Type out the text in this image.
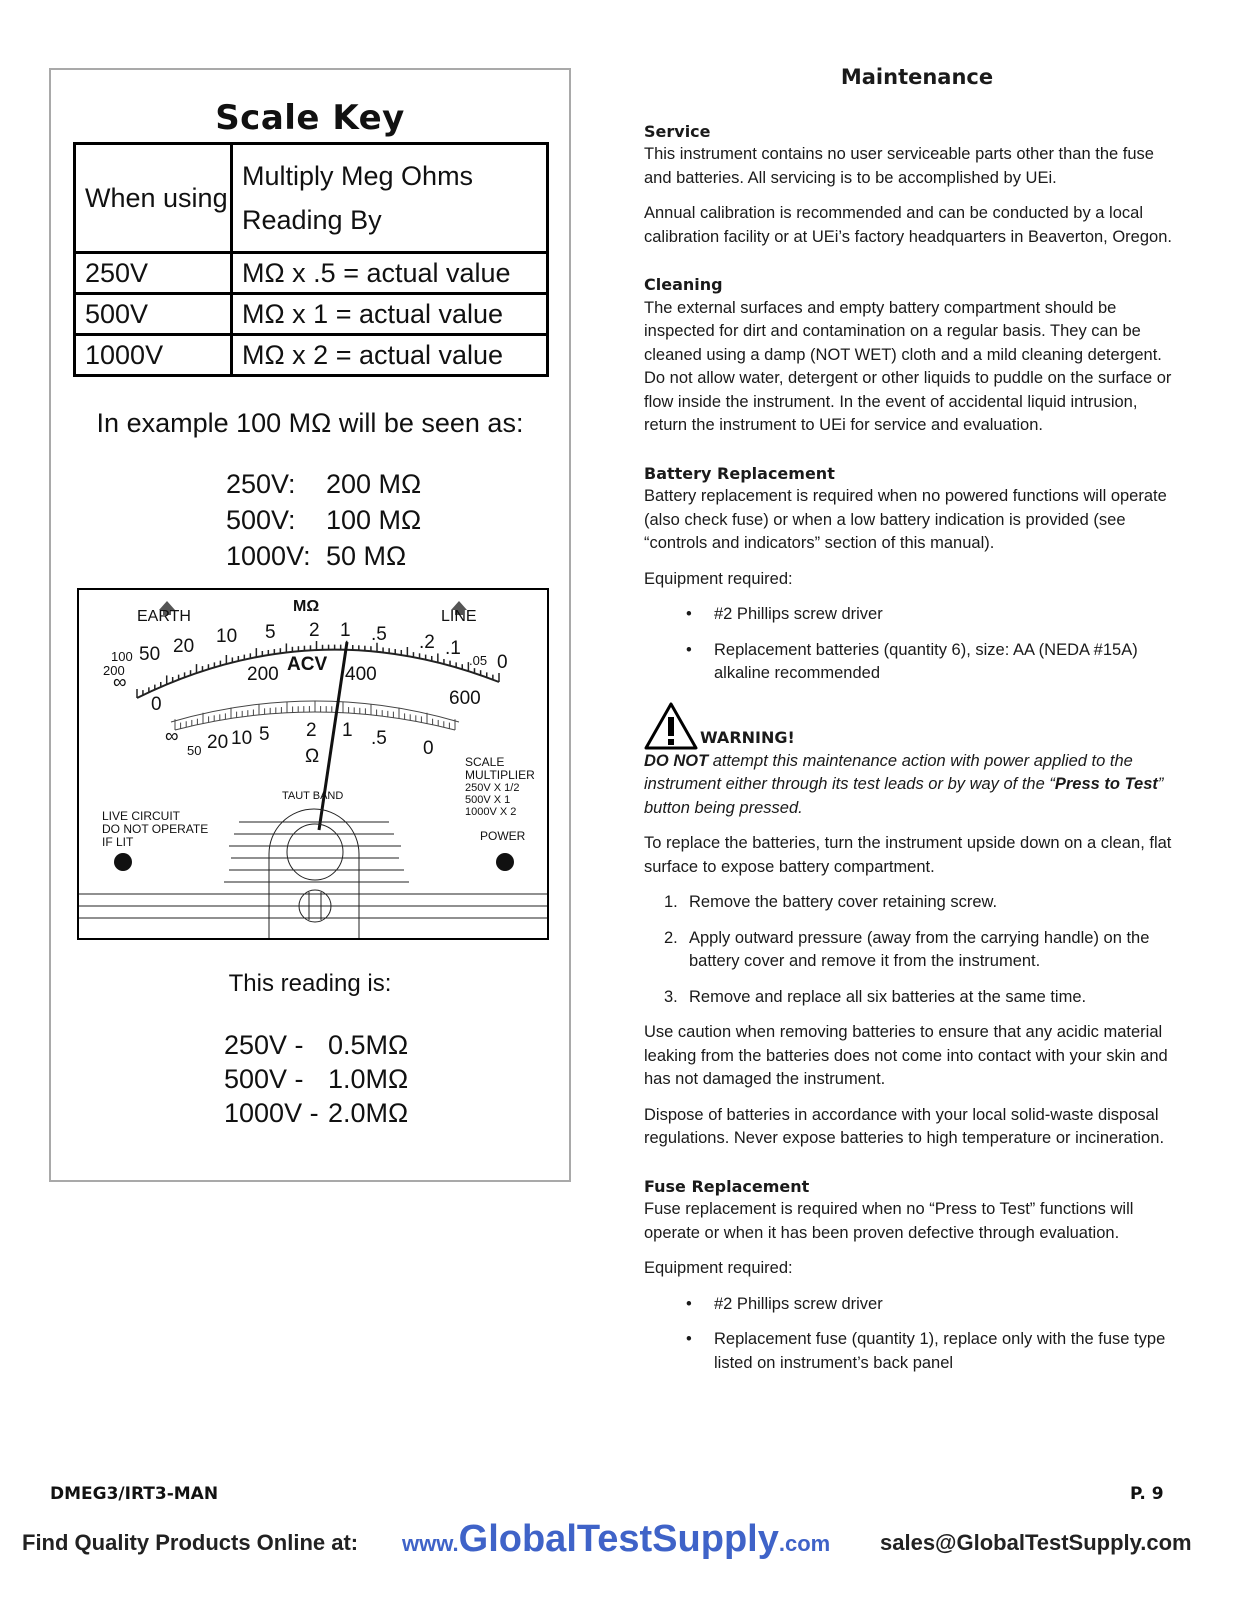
Scale Key
When using	Multiply Meg Ohms
Reading By

250V	MΩ x .5 = actual value
500V	MΩ x 1 = actual value
1000V	MΩ x 2 = actual value
In example 100 MΩ will be seen as:
250V:	200 MΩ
500V:	100 MΩ
1000V: 50 MΩ
EARTH
MΩ
LINE
10 5 2 1 .5 .2 .1
.05 0
100 50 20
200
∞
ACV
0
200	400
600
∞
50 20 10 5 2 1 .5 0
Ω	SCALE
MULTIPLIER
250V X 1/2
500V X 1
1000V X 2
TAUT BAND
LIVE CIRCUIT
DO NOT OPERATE
IF LIT	POWER
This reading is:
250V - 0.5MΩ
500V - 1.0MΩ
1000V - 2.0MΩ
Maintenance
Service
This instrument contains no user serviceable parts other than the fuse and batteries. All servicing is to be accomplished by UEi.
Annual calibration is recommended and can be conducted by a local calibration facility or at UEi’s factory headquarters in Beaverton, Oregon.
Cleaning
The external surfaces and empty battery compartment should be inspected for dirt and contamination on a regular basis. They can be cleaned using a damp (NOT WET) cloth and a mild cleaning detergent. Do not allow water, detergent or other liquids to puddle on the surface or flow inside the instrument. In the event of accidental liquid intrusion, return the instrument to UEi for service and evaluation.
Battery Replacement
Battery replacement is required when no powered functions will operate (also check fuse) or when a low battery indication is provided (see “controls and indicators” section of this manual).
Equipment required:
• #2 Phillips screw driver
• Replacement batteries (quantity 6), size: AA (NEDA #15A) alkaline recommended
WARNING!
DO NOT attempt this maintenance action with power applied to the instrument either through its test leads or by way of the “Press to Test” button being pressed.
To replace the batteries, turn the instrument upside down on a clean, flat surface to expose battery compartment.
1. Remove the battery cover retaining screw.
2. Apply outward pressure (away from the carrying handle) on the battery cover and remove it from the instrument.
3. Remove and replace all six batteries at the same time.
Use caution when removing batteries to ensure that any acidic material leaking from the batteries does not come into contact with your skin and has not damaged the instrument.
Dispose of batteries in accordance with your local solid-waste disposal regulations. Never expose batteries to high temperature or incineration.
Fuse Replacement
Fuse replacement is required when no “Press to Test” functions will operate or when it has been proven defective through evaluation.
Equipment required:
• #2 Phillips screw driver
• Replacement fuse (quantity 1), replace only with the fuse type listed on instrument’s back panel
DMEG3/IRT3-MAN	P. 9
Find Quality Products Online at: www.GlobalTestSupply.com sales@GlobalTestSupply.com
